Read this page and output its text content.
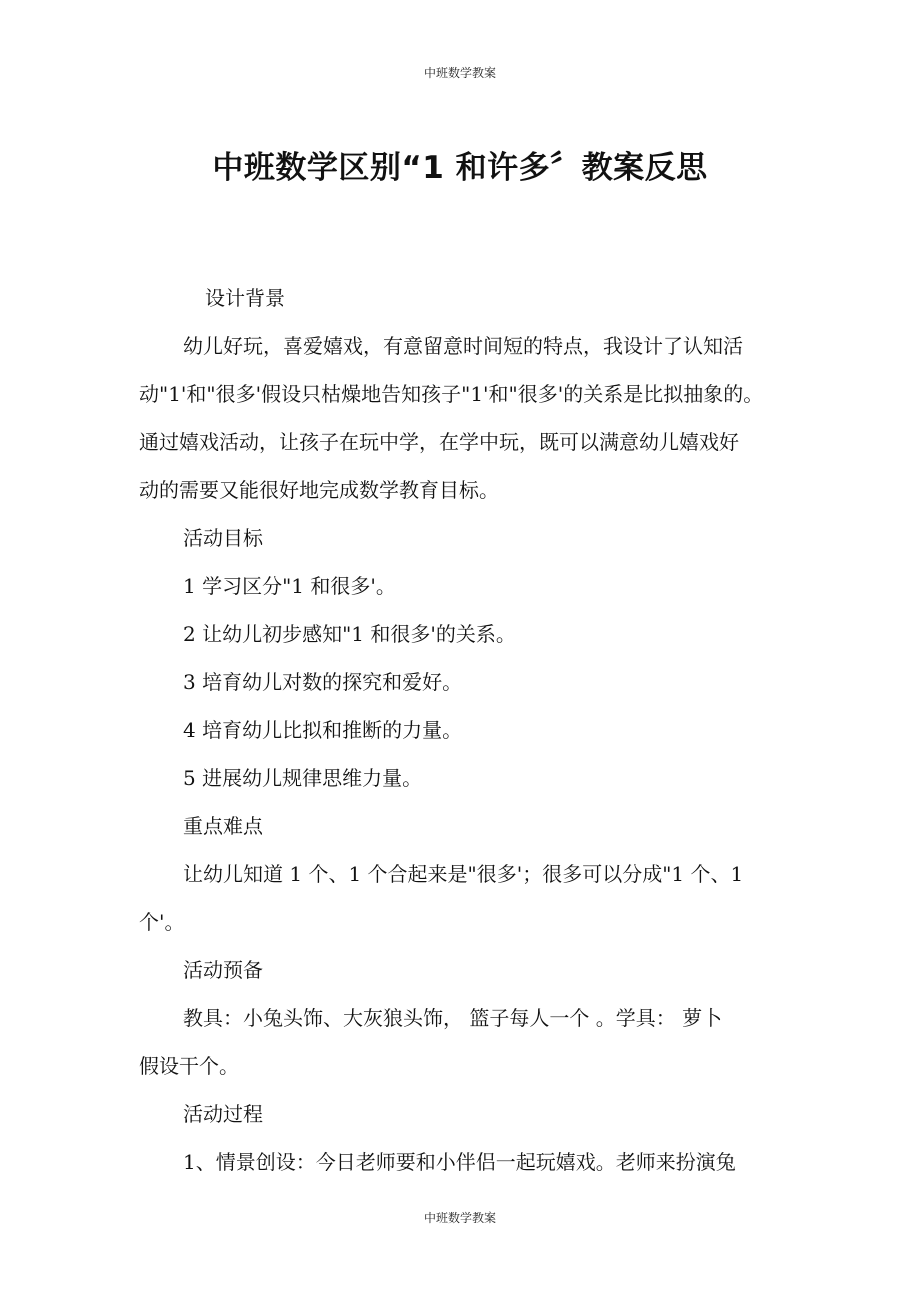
中班数学教案
中班数学区别“1 和许多〞教案反思

设计背景

幼儿好玩，喜爱嬉戏，有意留意时间短的特点，我设计了认知活
动"1'和"很多'假设只枯燥地告知孩子"1'和"很多'的关系是比拟抽象的。
通过嬉戏活动，让孩子在玩中学，在学中玩，既可以满意幼儿嬉戏好
动的需要又能很好地完成数学教育目标。

活动目标

1 学习区分"1 和很多'。

2 让幼儿初步感知"1 和很多'的关系。

3 培育幼儿对数的探究和爱好。

4 培育幼儿比拟和推断的力量。

5 进展幼儿规律思维力量。

重点难点

让幼儿知道 1 个、1 个合起来是"很多'；很多可以分成"1 个、1
个'。

活动预备

教具：小兔头饰、大灰狼头饰， 篮子每人一个 。学具： 萝卜
假设干个。

活动过程

1、情景创设：今日老师要和小伴侣一起玩嬉戏。老师来扮演兔

中班数学教案
